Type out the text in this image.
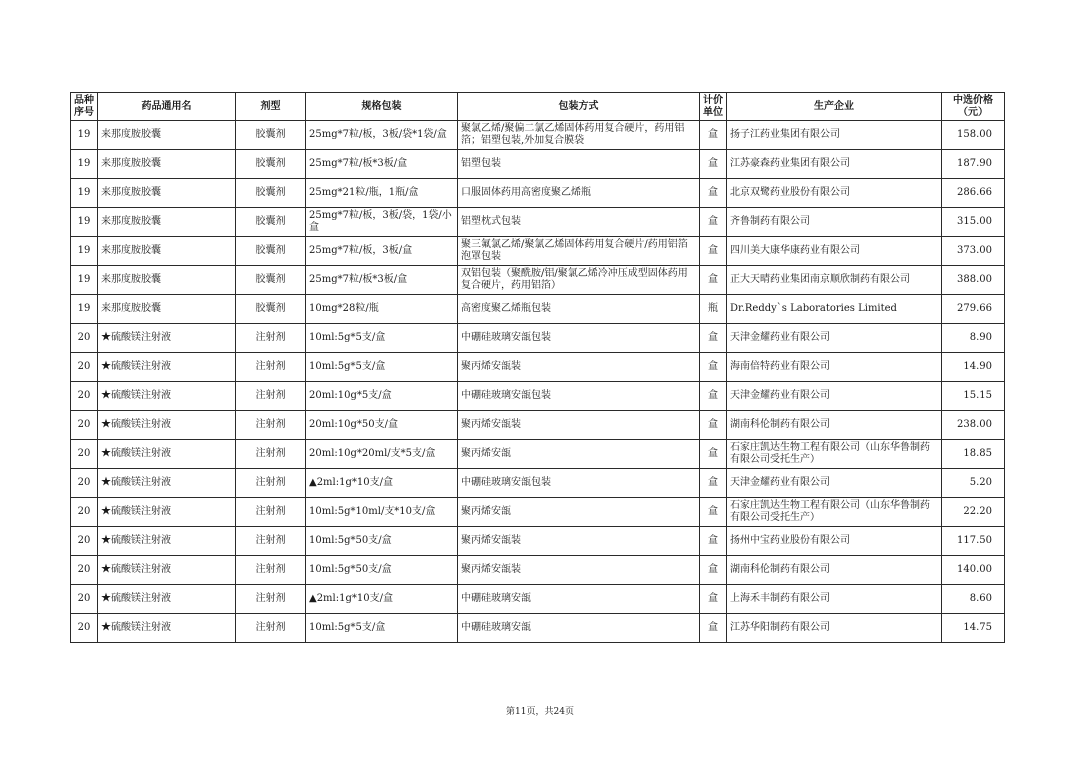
品种序号	药品通用名	剂型	规格包装	包装方式	计价单位	生产企业	中选价格（元）
19	来那度胺胶囊	胶囊剂	25mg*7粒/板，3板/袋*1袋/盒	聚氯乙烯/聚偏二氯乙烯固体药用复合硬片，药用铝箔；铝塑包装,外加复合膜袋	盒	扬子江药业集团有限公司	158.00
19	来那度胺胶囊	胶囊剂	25mg*7粒/板*3板/盒	铝塑包装	盒	江苏豪森药业集团有限公司	187.90
19	来那度胺胶囊	胶囊剂	25mg*21粒/瓶，1瓶/盒	口服固体药用高密度聚乙烯瓶	盒	北京双鹭药业股份有限公司	286.66
19	来那度胺胶囊	胶囊剂	25mg*7粒/板，3板/袋，1袋/小盒	铝塑枕式包装	盒	齐鲁制药有限公司	315.00
19	来那度胺胶囊	胶囊剂	25mg*7粒/板，3板/盒	聚三氟氯乙烯/聚氯乙烯固体药用复合硬片/药用铝箔泡罩包装	盒	四川美大康华康药业有限公司	373.00
19	来那度胺胶囊	胶囊剂	25mg*7粒/板*3板/盒	双铝包装（聚酰胺/铝/聚氯乙烯冷冲压成型固体药用复合硬片，药用铝箔）	盒	正大天晴药业集团南京顺欣制药有限公司	388.00
19	来那度胺胶囊	胶囊剂	10mg*28粒/瓶	高密度聚乙烯瓶包装	瓶	Dr.Reddy`s Laboratories Limited	279.66
20	★硫酸镁注射液	注射剂	10ml:5g*5支/盒	中硼硅玻璃安瓿包装	盒	天津金耀药业有限公司	8.90
20	★硫酸镁注射液	注射剂	10ml:5g*5支/盒	聚丙烯安瓿装	盒	海南倍特药业有限公司	14.90
20	★硫酸镁注射液	注射剂	20ml:10g*5支/盒	中硼硅玻璃安瓿包装	盒	天津金耀药业有限公司	15.15
20	★硫酸镁注射液	注射剂	20ml:10g*50支/盒	聚丙烯安瓿装	盒	湖南科伦制药有限公司	238.00
20	★硫酸镁注射液	注射剂	20ml:10g*20ml/支*5支/盒	聚丙烯安瓿	盒	石家庄凯达生物工程有限公司（山东华鲁制药有限公司受托生产）	18.85
20	★硫酸镁注射液	注射剂	▲2ml:1g*10支/盒	中硼硅玻璃安瓿包装	盒	天津金耀药业有限公司	5.20
20	★硫酸镁注射液	注射剂	10ml:5g*10ml/支*10支/盒	聚丙烯安瓿	盒	石家庄凯达生物工程有限公司（山东华鲁制药有限公司受托生产）	22.20
20	★硫酸镁注射液	注射剂	10ml:5g*50支/盒	聚丙烯安瓿装	盒	扬州中宝药业股份有限公司	117.50
20	★硫酸镁注射液	注射剂	10ml:5g*50支/盒	聚丙烯安瓿装	盒	湖南科伦制药有限公司	140.00
20	★硫酸镁注射液	注射剂	▲2ml:1g*10支/盒	中硼硅玻璃安瓿	盒	上海禾丰制药有限公司	8.60
20	★硫酸镁注射液	注射剂	10ml:5g*5支/盒	中硼硅玻璃安瓿	盒	江苏华阳制药有限公司	14.75
第11页，共24页
